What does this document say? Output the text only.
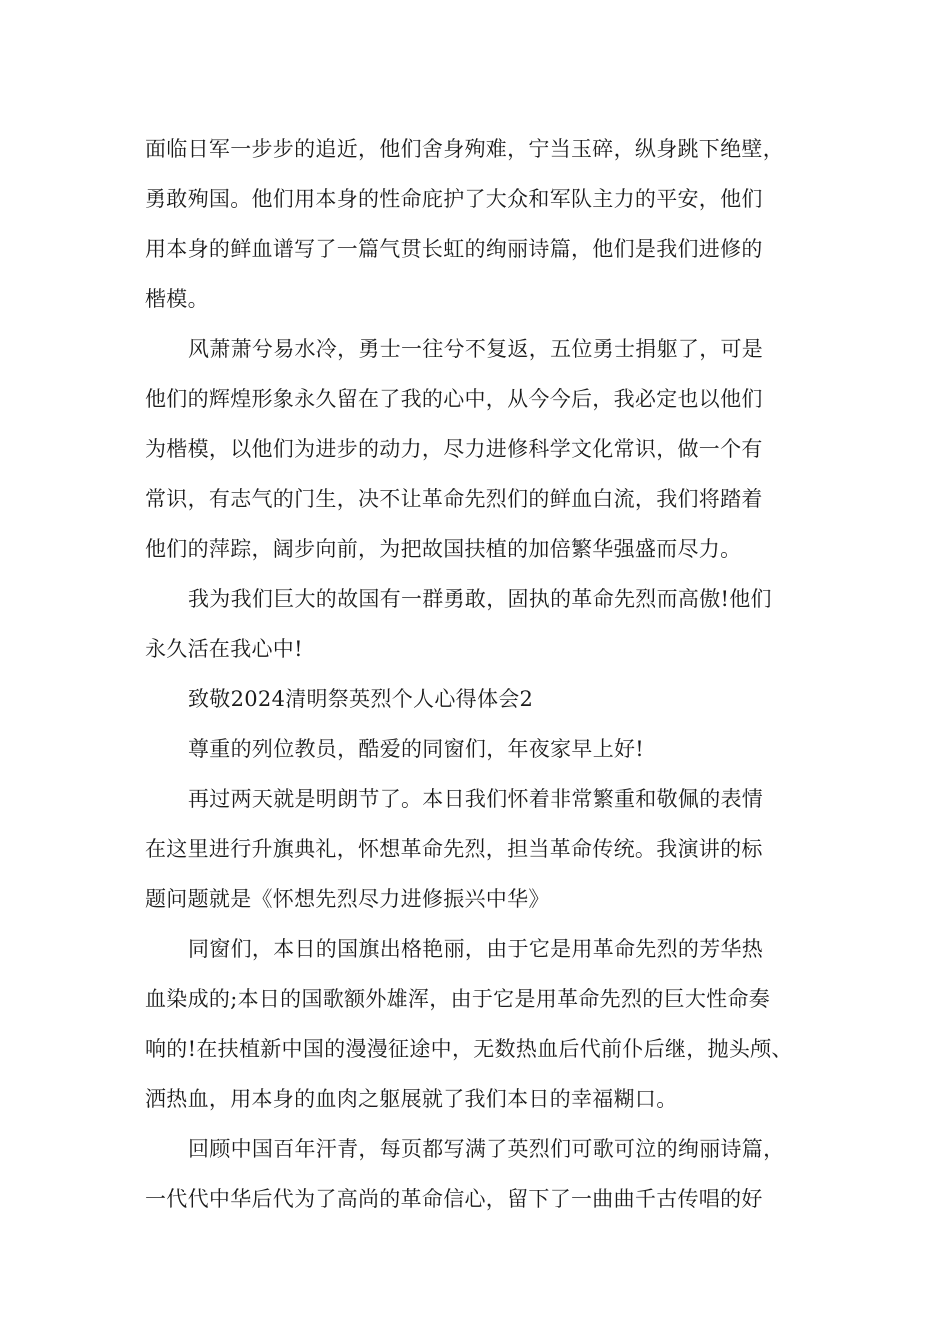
面临日军一步步的追近，他们舍身殉难，宁当玉碎，纵身跳下绝壁，
勇敢殉国。他们用本身的性命庇护了大众和军队主力的平安，他们
用本身的鲜血谱写了一篇气贯长虹的绚丽诗篇，他们是我们进修的
楷模。
风萧萧兮易水冷，勇士一往兮不复返，五位勇士捐躯了，可是
他们的辉煌形象永久留在了我的心中，从今今后，我必定也以他们
为楷模，以他们为进步的动力，尽力进修科学文化常识，做一个有
常识，有志气的门生，决不让革命先烈们的鲜血白流，我们将踏着
他们的萍踪，阔步向前，为把故国扶植的加倍繁华强盛而尽力。
我为我们巨大的故国有一群勇敢，固执的革命先烈而高傲!他们
永久活在我心中!
致敬2024清明祭英烈个人心得体会2
尊重的列位教员，酷爱的同窗们，年夜家早上好!
再过两天就是明朗节了。本日我们怀着非常繁重和敬佩的表情
在这里进行升旗典礼，怀想革命先烈，担当革命传统。我演讲的标
题问题就是《怀想先烈尽力进修振兴中华》
同窗们，本日的国旗出格艳丽，由于它是用革命先烈的芳华热
血染成的;本日的国歌额外雄浑，由于它是用革命先烈的巨大性命奏
响的!在扶植新中国的漫漫征途中，无数热血后代前仆后继，抛头颅、
洒热血，用本身的血肉之躯展就了我们本日的幸福糊口。
回顾中国百年汗青，每页都写满了英烈们可歌可泣的绚丽诗篇，
一代代中华后代为了高尚的革命信心，留下了一曲曲千古传唱的好
